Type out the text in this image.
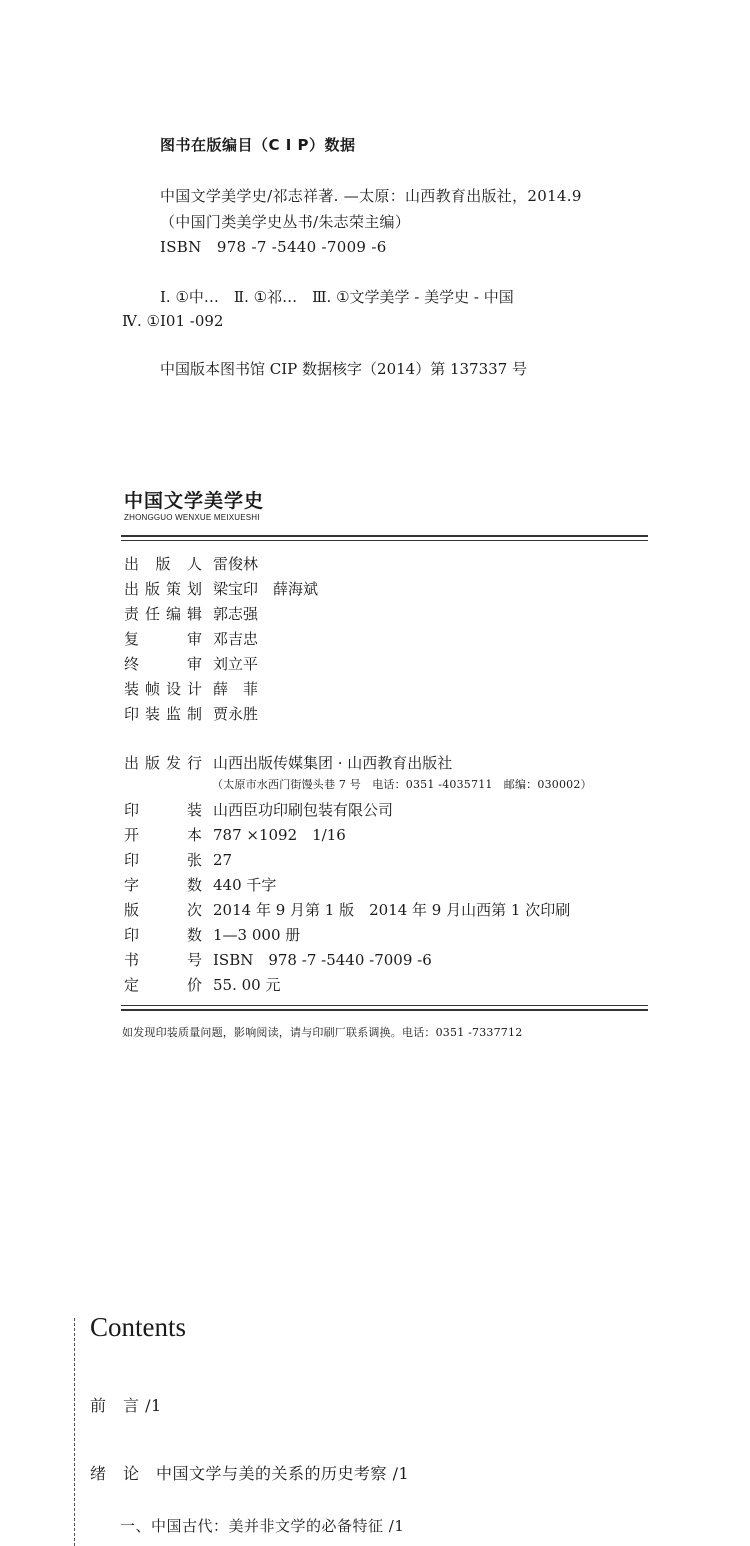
图书在版编目（C I P）数据
中国文学美学史/祁志祥著. —太原：山西教育出版社，2014.9
（中国门类美学史丛书/朱志荣主编）
ISBN　978 -7 -5440 -7009 -6
Ⅰ. ①中…　Ⅱ. ①祁…　Ⅲ. ①文学美学 - 美学史 - 中国
Ⅳ. ①I01 -092
中国版本图书馆 CIP 数据核字（2014）第 137337 号
中国文学美学史
ZHONGGUO WENXUE MEIXUESHI
出版人 雷俊林
出版策划 梁宝印　薛海斌
责任编辑 郭志强
复审 邓吉忠
终审 刘立平
装帧设计 薛　菲
印装监制 贾永胜
出版发行 山西出版传媒集团 · 山西教育出版社
（太原市水西门街馒头巷 7 号　电话：0351 -4035711　邮编：030002）
印装 山西臣功印刷包装有限公司
开本 787 ×1092　1/16
印张 27
字数 440 千字
版次 2014 年 9 月第 1 版　2014 年 9 月山西第 1 次印刷
印数 1—3 000 册
书号 ISBN　978 -7 -5440 -7009 -6
定价 55. 00 元
如发现印装质量问题，影响阅读，请与印刷厂联系调换。电话：0351 -7337712
Contents
前　言 /1
绪　论　中国文学与美的关系的历史考察 /1
一、中国古代：美并非文学的必备特征 /1
